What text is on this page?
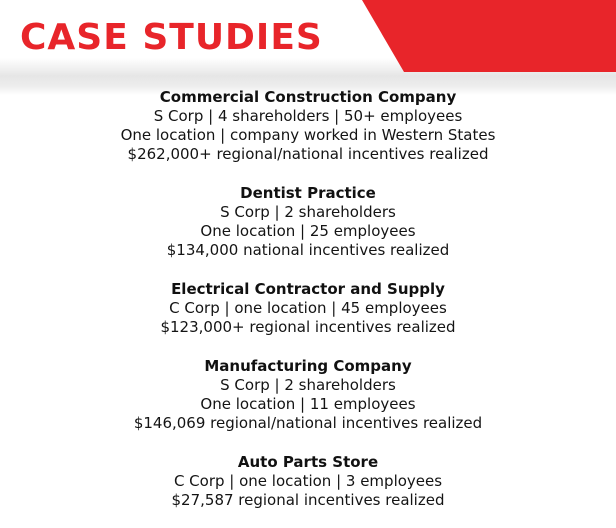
CASE STUDIES
Commercial Construction Company
S Corp | 4 shareholders | 50+ employees
One location | company worked in Western States
$262,000+ regional/national incentives realized
Dentist Practice
S Corp | 2 shareholders
One location | 25 employees
$134,000 national incentives realized
Electrical Contractor and Supply
C Corp | one location | 45 employees
$123,000+ regional incentives realized
Manufacturing Company
S Corp | 2 shareholders
One location | 11 employees
$146,069 regional/national incentives realized
Auto Parts Store
C Corp | one location | 3 employees
$27,587 regional incentives realized
